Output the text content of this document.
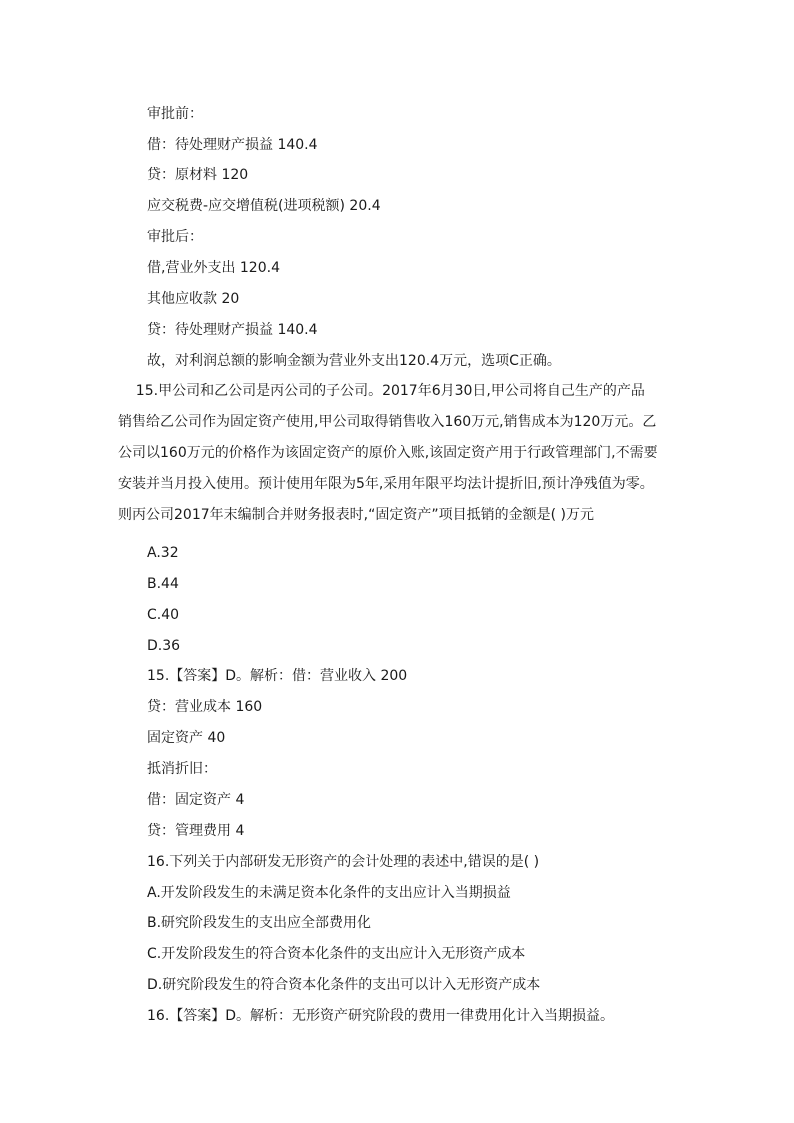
审批前：
借：待处理财产损益 140.4
贷：原材料 120
应交税费-应交增值税(进项税额) 20.4
审批后：
借,营业外支出 120.4
其他应收款 20
贷：待处理财产损益 140.4
故，对利润总额的影响金额为营业外支出120.4万元，选项C正确。
15.甲公司和乙公司是丙公司的子公司。2017年6月30日,甲公司将自己生产的产品
销售给乙公司作为固定资产使用,甲公司取得销售收入160万元,销售成本为120万元。乙
公司以160万元的价格作为该固定资产的原价入账,该固定资产用于行政管理部门,不需要
安装并当月投入使用。预计使用年限为5年,采用年限平均法计提折旧,预计净残值为零。
则丙公司2017年末编制合并财务报表时,“固定资产”项目抵销的金额是( )万元
A.32
B.44
C.40
D.36
15.【答案】D。解析：借：营业收入 200
贷：营业成本 160
固定资产 40
抵消折旧：
借：固定资产 4
贷：管理费用 4
16.下列关于内部研发无形资产的会计处理的表述中,错误的是( )
A.开发阶段发生的未满足资本化条件的支出应计入当期损益
B.研究阶段发生的支出应全部费用化
C.开发阶段发生的符合资本化条件的支出应计入无形资产成本
D.研究阶段发生的符合资本化条件的支出可以计入无形资产成本
16.【答案】D。解析：无形资产研究阶段的费用一律费用化计入当期损益。
